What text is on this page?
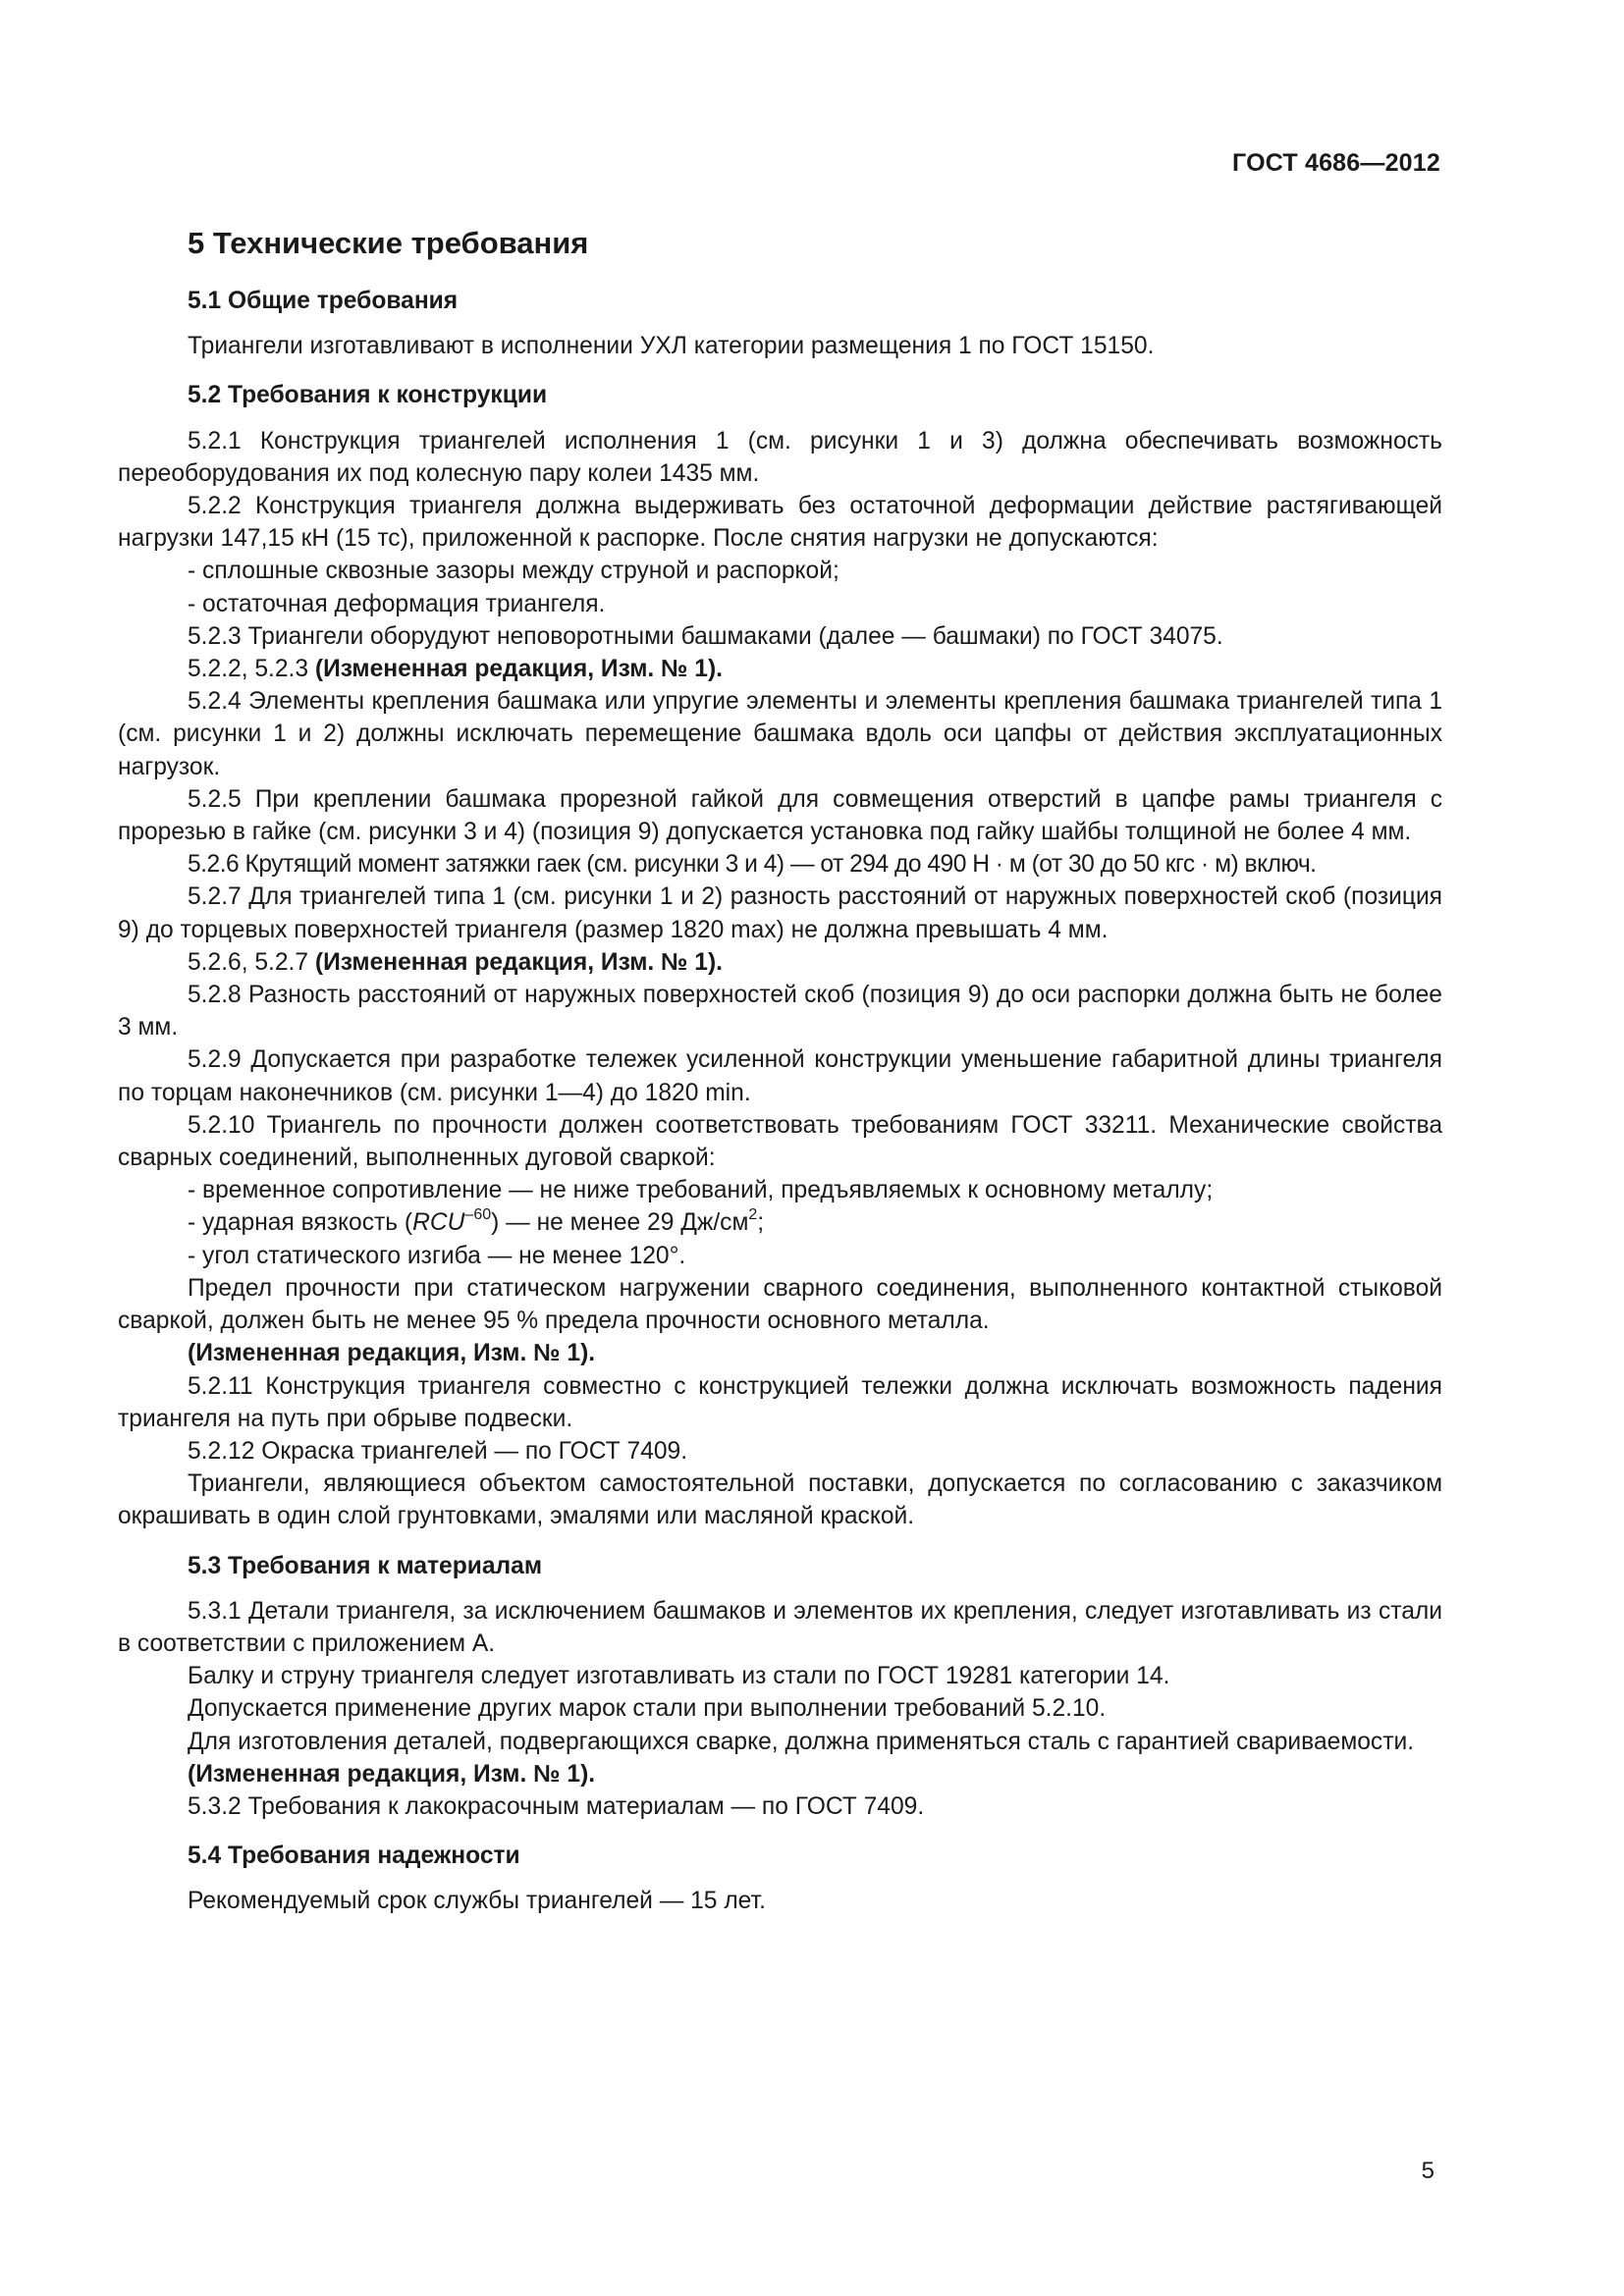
ГОСТ 4686—2012

5 Технические требования

5.1 Общие требования

Триангели изготавливают в исполнении УХЛ категории размещения 1 по ГОСТ 15150.

5.2 Требования к конструкции

5.2.1 Конструкция триангелей исполнения 1 (см. рисунки 1 и 3) должна обеспечивать возможность переоборудования их под колесную пару колеи 1435 мм.

5.2.2 Конструкция триангеля должна выдерживать без остаточной деформации действие растягивающей нагрузки 147,15 кН (15 тс), приложенной к распорке. После снятия нагрузки не допускаются:

- сплошные сквозные зазоры между струной и распоркой;

- остаточная деформация триангеля.

5.2.3 Триангели оборудуют неповоротными башмаками (далее — башмаки) по ГОСТ 34075.

5.2.2, 5.2.3 (Измененная редакция, Изм. № 1).

5.2.4 Элементы крепления башмака или упругие элементы и элементы крепления башмака триангелей типа 1 (см. рисунки 1 и 2) должны исключать перемещение башмака вдоль оси цапфы от действия эксплуатационных нагрузок.

5.2.5 При креплении башмака прорезной гайкой для совмещения отверстий в цапфе рамы триангеля с прорезью в гайке (см. рисунки 3 и 4) (позиция 9) допускается установка под гайку шайбы толщиной не более 4 мм.

5.2.6 Крутящий момент затяжки гаек (см. рисунки 3 и 4) — от 294 до 490 Н · м (от 30 до 50 кгс · м) включ.

5.2.7 Для триангелей типа 1 (см. рисунки 1 и 2) разность расстояний от наружных поверхностей скоб (позиция 9) до торцевых поверхностей триангеля (размер 1820 max) не должна превышать 4 мм.

5.2.6, 5.2.7 (Измененная редакция, Изм. № 1).

5.2.8 Разность расстояний от наружных поверхностей скоб (позиция 9) до оси распорки должна быть не более 3 мм.

5.2.9 Допускается при разработке тележек усиленной конструкции уменьшение габаритной длины триангеля по торцам наконечников (см. рисунки 1—4) до 1820 min.

5.2.10 Триангель по прочности должен соответствовать требованиям ГОСТ 33211. Механические свойства сварных соединений, выполненных дуговой сваркой:

- временное сопротивление — не ниже требований, предъявляемых к основному металлу;

- ударная вязкость $(RCU^{-60})$ — не менее 29 $Дж/см^2$;

- угол статического изгиба — не менее 120°.

Предел прочности при статическом нагружении сварного соединения, выполненного контактной стыковой сваркой, должен быть не менее 95 % предела прочности основного металла.

(Измененная редакция, Изм. № 1).

5.2.11 Конструкция триангеля совместно с конструкцией тележки должна исключать возможность падения триангеля на путь при обрыве подвески.

5.2.12 Окраска триангелей — по ГОСТ 7409.

Триангели, являющиеся объектом самостоятельной поставки, допускается по согласованию с заказчиком окрашивать в один слой грунтовками, эмалями или масляной краской.

5.3 Требования к материалам

5.3.1 Детали триангеля, за исключением башмаков и элементов их крепления, следует изготавливать из стали в соответствии с приложением А.

Балку и струну триангеля следует изготавливать из стали по ГОСТ 19281 категории 14.

Допускается применение других марок стали при выполнении требований 5.2.10.

Для изготовления деталей, подвергающихся сварке, должна применяться сталь с гарантией свариваемости.

(Измененная редакция, Изм. № 1).

5.3.2 Требования к лакокрасочным материалам — по ГОСТ 7409.

5.4 Требования надежности

Рекомендуемый срок службы триангелей — 15 лет.

5
